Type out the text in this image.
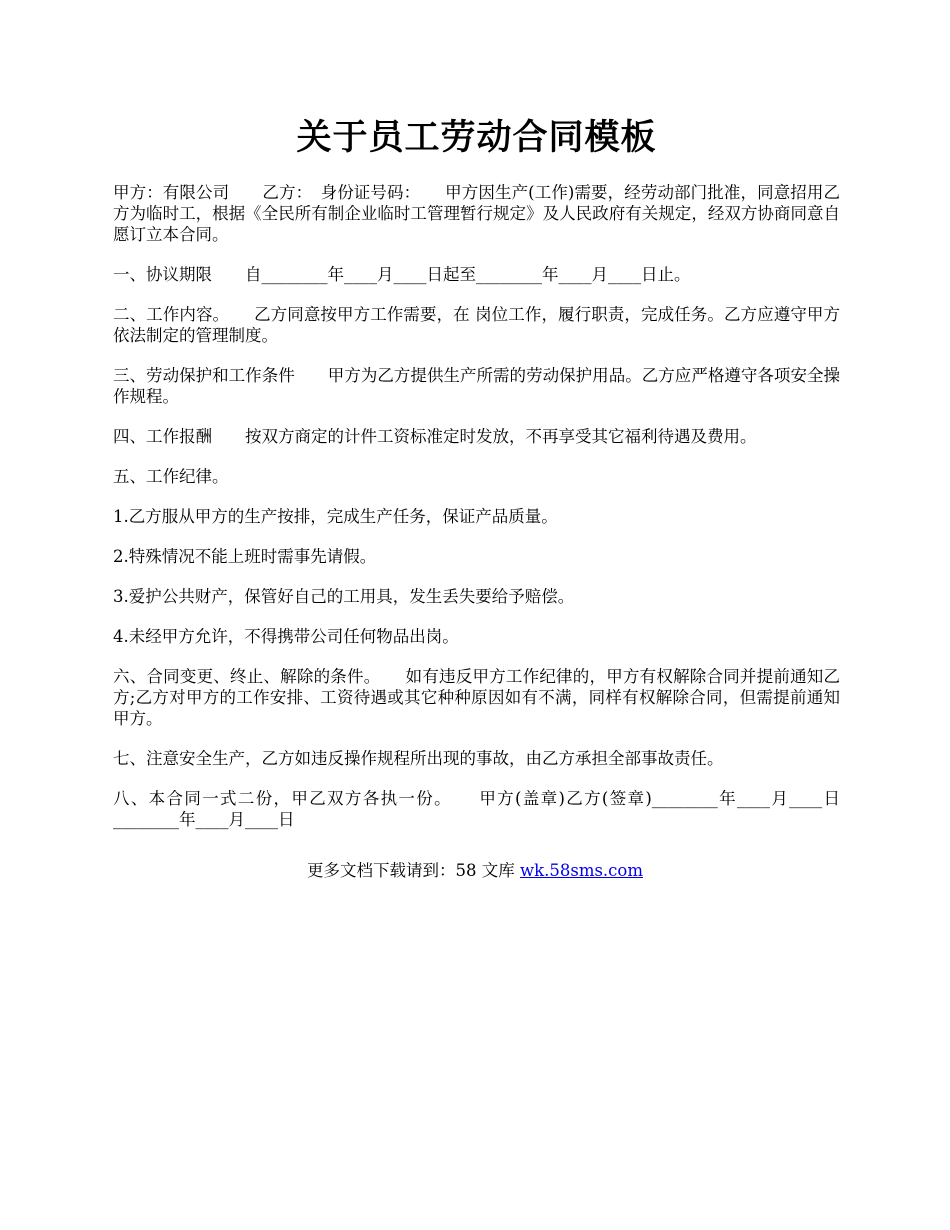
关于员工劳动合同模板

甲方：有限公司　　乙方：　身份证号码：　　甲方因生产(工作)需要，经劳动部门批准，同意招用乙方为临时工，根据《全民所有制企业临时工管理暂行规定》及人民政府有关规定，经双方协商同意自愿订立本合同。

一、协议期限　　自________年____月____日起至________年____月____日止。

二、工作内容。　　乙方同意按甲方工作需要，在 岗位工作，履行职责，完成任务。乙方应遵守甲方依法制定的管理制度。

三、劳动保护和工作条件　　甲方为乙方提供生产所需的劳动保护用品。乙方应严格遵守各项安全操作规程。

四、工作报酬　　按双方商定的计件工资标准定时发放，不再享受其它福利待遇及费用。

五、工作纪律。

1.乙方服从甲方的生产按排，完成生产任务，保证产品质量。

2.特殊情况不能上班时需事先请假。

3.爱护公共财产，保管好自己的工用具，发生丢失要给予赔偿。

4.未经甲方允许，不得携带公司任何物品出岗。

六、合同变更、终止、解除的条件。　　如有违反甲方工作纪律的，甲方有权解除合同并提前通知乙方;乙方对甲方的工作安排、工资待遇或其它种种原因如有不满，同样有权解除合同，但需提前通知甲方。

七、注意安全生产，乙方如违反操作规程所出现的事故，由乙方承担全部事故责任。

八、本合同一式二份，甲乙双方各执一份。　　甲方(盖章)乙方(签章)________年____月____日________年____月____日

更多文档下载请到：58 文库 wk.58sms.com
